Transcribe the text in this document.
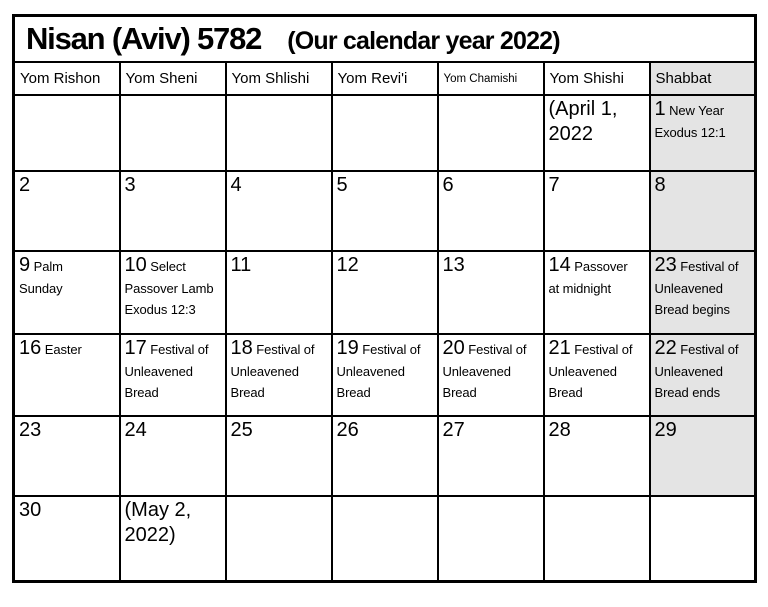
Nisan (Aviv) 5782 (Our calendar year 2022)						
Yom Rishon	Yom Sheni	Yom Shlishi	Yom Revi'i	Yom Chamishi	Yom Shishi	Shabbat
					(April 1, 2022	1 New Year Exodus 12:1
2	3	4	5	6	7	8
9 Palm Sunday	10 Select Passover Lamb Exodus 12:3	11	12	13	14 Passover at midnight	23 Festival of Unleavened Bread begins
16 Easter	17 Festival of Unleavened Bread	18 Festival of Unleavened Bread	19 Festival of Unleavened Bread	20 Festival of Unleavened Bread	21 Festival of Unleavened Bread	22 Festival of Unleavened Bread ends
23	24	25	26	27	28	29
30	(May 2, 2022)					
